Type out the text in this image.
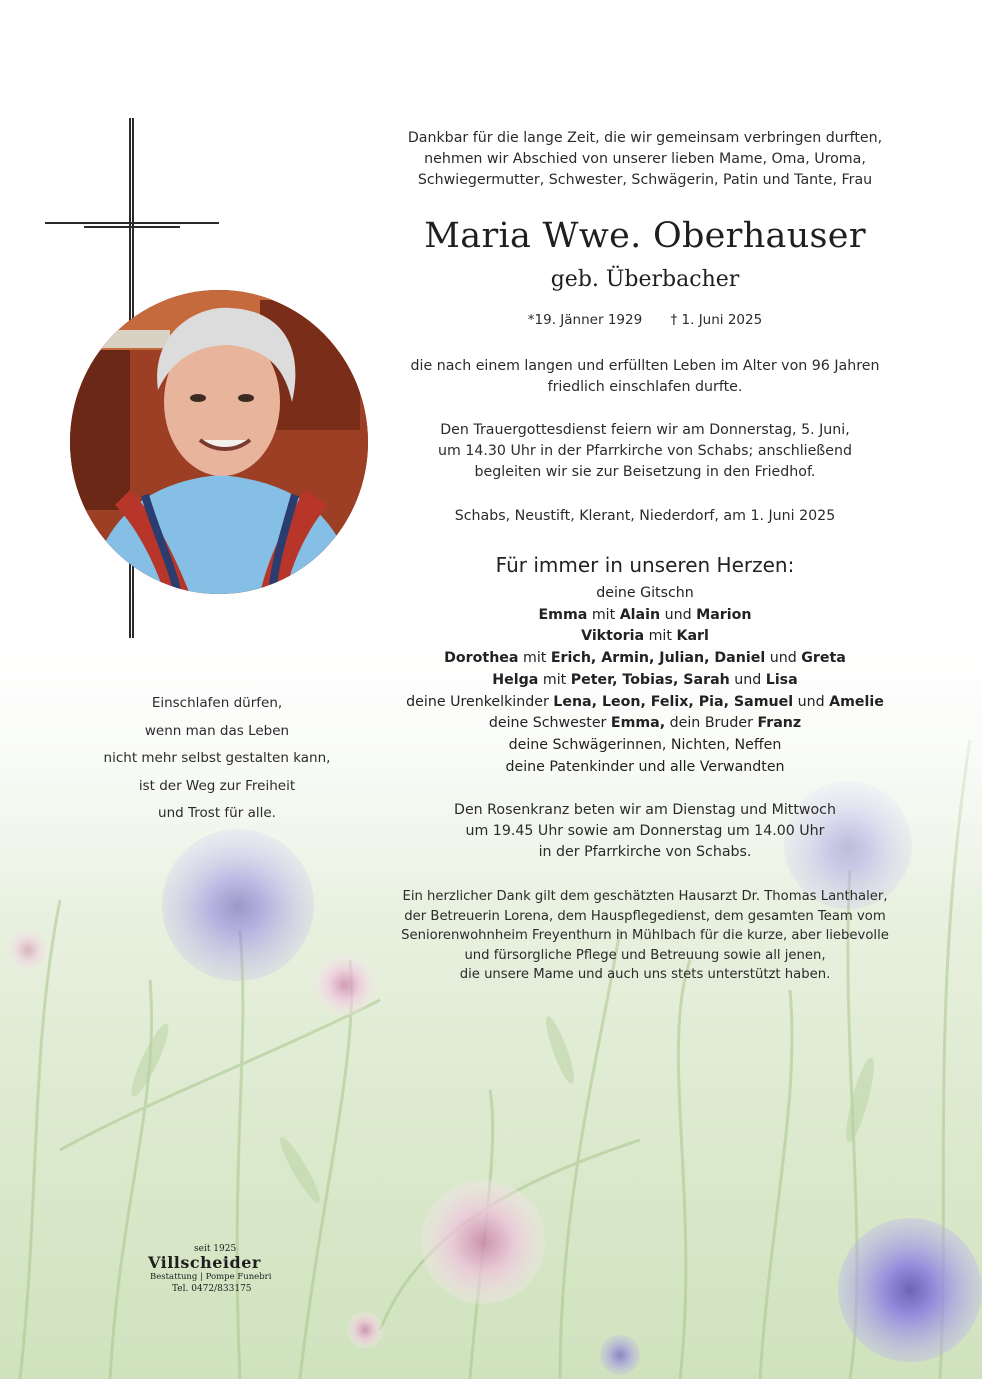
Dankbar für die lange Zeit, die wir gemeinsam verbringen durften,
nehmen wir Abschied von unserer lieben Mame, Oma, Uroma,
Schwiegermutter, Schwester, Schwägerin, Patin und Tante, Frau
Maria Wwe. Oberhauser
geb. Überbacher
*19. Jänner 1929 † 1. Juni 2025
die nach einem langen und erfüllten Leben im Alter von 96 Jahren
friedlich einschlafen durfte.
Den Trauergottesdienst feiern wir am Donnerstag, 5. Juni,
um 14.30 Uhr in der Pfarrkirche von Schabs; anschließend
begleiten wir sie zur Beisetzung in den Friedhof.
Schabs, Neustift, Klerant, Niederdorf, am 1. Juni 2025
Für immer in unseren Herzen:
deine Gitschn
Emma mit Alain und Marion
Viktoria mit Karl
Dorothea mit Erich, Armin, Julian, Daniel und Greta
Helga mit Peter, Tobias, Sarah und Lisa
deine Urenkelkinder Lena, Leon, Felix, Pia, Samuel und Amelie
deine Schwester Emma, dein Bruder Franz
deine Schwägerinnen, Nichten, Neffen
deine Patenkinder und alle Verwandten
Den Rosenkranz beten wir am Dienstag und Mittwoch
um 19.45 Uhr sowie am Donnerstag um 14.00 Uhr
in der Pfarrkirche von Schabs.
Ein herzlicher Dank gilt dem geschätzten Hausarzt Dr. Thomas Lanthaler,
der Betreuerin Lorena, dem Hauspflegedienst, dem gesamten Team vom
Seniorenwohnheim Freyenthurn in Mühlbach für die kurze, aber liebevolle
und fürsorgliche Pflege und Betreuung sowie all jenen,
die unsere Mame und auch uns stets unterstützt haben.
Einschlafen dürfen,
wenn man das Leben
nicht mehr selbst gestalten kann,
ist der Weg zur Freiheit
und Trost für alle.
seit 1925
Villscheider
Bestattung | Pompe Funebri
Tel. 0472/833175
